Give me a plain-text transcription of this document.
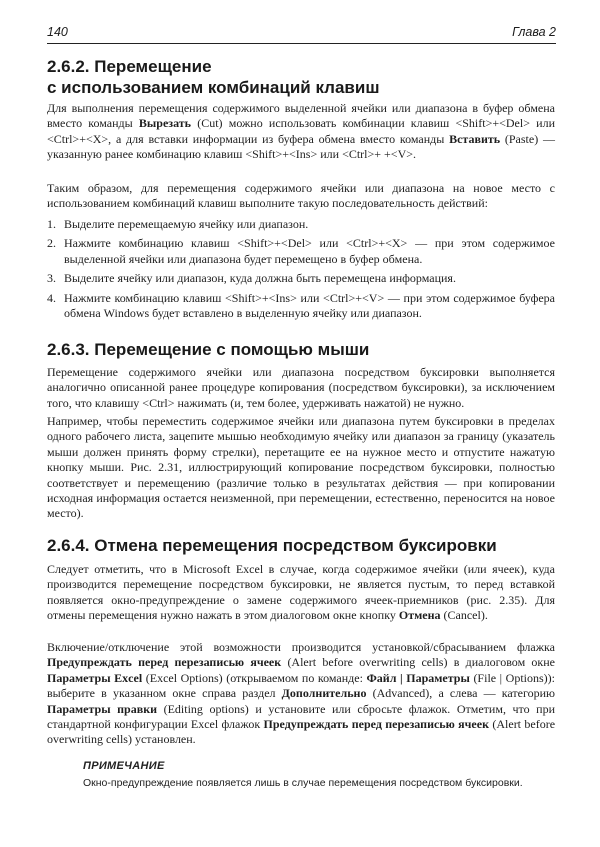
140	Глава 2
2.6.2. Перемещение
с использованием комбинаций клавиш

Для выполнения перемещения содержимого выделенной ячейки или диапазона в буфер обмена вместо команды Вырезать (Cut) можно использовать комбинации клавиш <Shift>+<Del> или <Ctrl>+<X>, а для вставки информации из буфера обмена вместо команды Вставить (Paste) — указанную ранее комбинацию клавиш <Shift>+<Ins> или <Ctrl>+ +<V>.

Таким образом, для перемещения содержимого ячейки или диапазона на новое место с использованием комбинаций клавиш выполните такую последовательность действий:

1. Выделите перемещаемую ячейку или диапазон.
2. Нажмите комбинацию клавиш <Shift>+<Del> или <Ctrl>+<X> — при этом содержимое выделенной ячейки или диапазона будет перемещено в буфер обмена.
3. Выделите ячейку или диапазон, куда должна быть перемещена информация.
4. Нажмите комбинацию клавиш <Shift>+<Ins> или <Ctrl>+<V> — при этом содержимое буфера обмена Windows будет вставлено в выделенную ячейку или диапазон.
2.6.3. Перемещение с помощью мыши

Перемещение содержимого ячейки или диапазона посредством буксировки выполняется аналогично описанной ранее процедуре копирования (посредством буксировки), за исключением того, что клавишу <Ctrl> нажимать (и, тем более, удерживать нажатой) не нужно.

Например, чтобы переместить содержимое ячейки или диапазона путем буксировки в пределах одного рабочего листа, зацепите мышью необходимую ячейку или диапазон за границу (указатель мыши должен принять форму стрелки), перетащите ее на нужное место и отпустите нажатую кнопку мыши. Рис. 2.31, иллюстрирующий копирование посредством буксировки, полностью соответствует и перемещению (различие только в результатах действия — при копировании исходная информация остается неизменной, при перемещении, естественно, переносится на новое место).

2.6.4. Отмена перемещения посредством буксировки

Следует отметить, что в Microsoft Excel в случае, когда содержимое ячейки (или ячеек), куда производится перемещение посредством буксировки, не является пустым, то перед вставкой появляется окно-предупреждение о замене содержимого ячеек-приемников (рис. 2.35). Для отмены перемещения нужно нажать в этом диалоговом окне кнопку Отмена (Cancel).

Включение/отключение этой возможности производится установкой/сбрасыванием флажка Предупреждать перед перезаписью ячеек (Alert before overwriting cells) в диалоговом окне Параметры Excel (Excel Options) (открываемом по команде: Файл | Параметры (File | Options)): выберите в указанном окне справа раздел Дополнительно (Advanced), а слева — категорию Параметры правки (Editing options) и установите или сбросьте флажок. Отметим, что при стандартной конфигурации Excel флажок Предупреждать перед перезаписью ячеек (Alert before overwriting cells) установлен.

ПРИМЕЧАНИЕ

Окно-предупреждение появляется лишь в случае перемещения посредством буксировки.
